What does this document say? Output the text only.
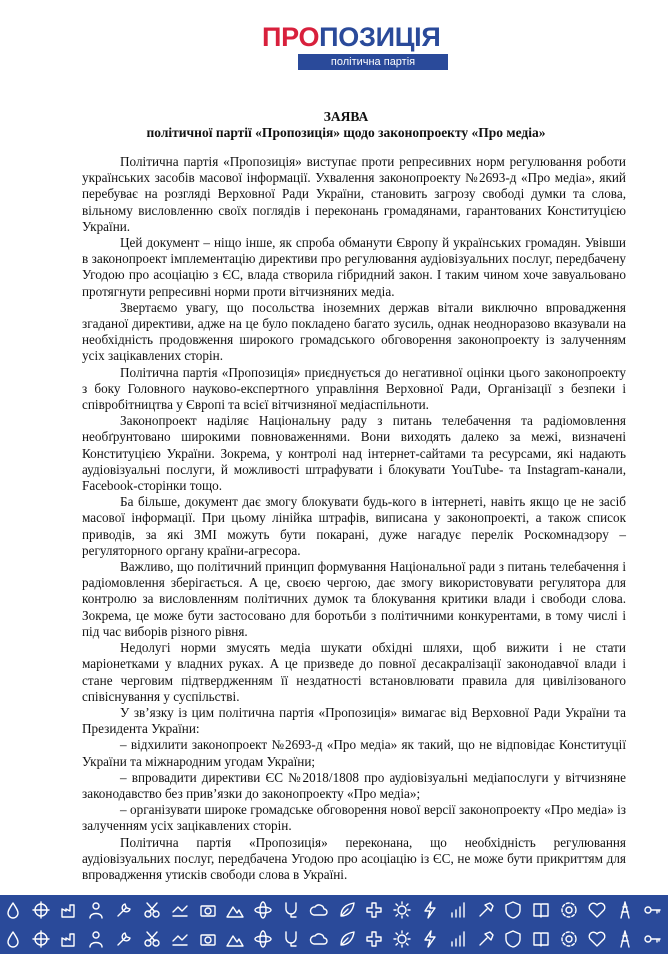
ПРОПОЗИЦІЯ
політична партія
ЗАЯВА
політичної партії «Пропозиція» щодо законопроекту «Про медіа»

Політична партія «Пропозиція» виступає проти репресивних норм регулювання роботи українських засобів масової інформації. Ухвалення законопроекту №2693-д «Про медіа», який перебуває на розгляді Верховної Ради України, становить загрозу свободі думки та слова, вільному висловленню своїх поглядів і переконань громадянами, гарантованих Конституцією України.

Цей документ – ніщо інше, як спроба обманути Європу й українських громадян. Увівши в законопроект імплементацію директиви про регулювання аудіовізуальних послуг, передбачену Угодою про асоціацію з ЄС, влада створила гібридний закон. І таким чином хоче завуальовано протягнути репресивні норми проти вітчизняних медіа.

Звертаємо увагу, що посольства іноземних держав вітали виключно впровадження згаданої директиви, адже на це було покладено багато зусиль, однак неодноразово вказували на необхідність продовження широкого громадського обговорення законопроекту із залученням усіх зацікавлених сторін.

Політична партія «Пропозиція» приєднується до негативної оцінки цього законопроекту з боку Головного науково-експертного управління Верховної Ради, Організації з безпеки і співробітництва у Європі та всієї вітчизняної медіаспільноти.

Законопроект наділяє Національну раду з питань телебачення та радіомовлення необґрунтовано широкими повноваженнями. Вони виходять далеко за межі, визначені Конституцією України. Зокрема, у контролі над інтернет-сайтами та ресурсами, які надають аудіовізуальні послуги, й можливості штрафувати і блокувати YouTube- та Instagram-канали, Facebook-сторінки тощо.

Ба більше, документ дає змогу блокувати будь-кого в інтернеті, навіть якщо це не засіб масової інформації. При цьому лінійка штрафів, виписана у законопроекті, а також список приводів, за які ЗМІ можуть бути покарані, дуже нагадує перелік Роскомнадзору – регуляторного органу країни-агресора.

Важливо, що політичний принцип формування Національної ради з питань телебачення і радіомовлення зберігається. А це, своєю чергою, дає змогу використовувати регулятора для контролю за висловленням політичних думок та блокування критики влади і свободи слова. Зокрема, це може бути застосовано для боротьби з політичними конкурентами, в тому числі і під час виборів різного рівня.

Недолугі норми змусять медіа шукати обхідні шляхи, щоб вижити і не стати маріонетками у владних руках. А це призведе до повної десакралізації законодавчої влади і стане черговим підтвердженням її нездатності встановлювати правила для цивілізованого співіснування у суспільстві.

У зв’язку із цим політична партія «Пропозиція» вимагає від Верховної Ради України та Президента України:

– відхилити законопроект №2693-д «Про медіа» як такий, що не відповідає Конституції України та міжнародним угодам України;

– впровадити директиви ЄС №2018/1808 про аудіовізуальні медіапослуги у вітчизняне законодавство без прив’язки до законопроекту «Про медіа»;

– організувати широке громадське обговорення нової версії законопроекту «Про медіа» із залученням усіх зацікавлених сторін.

Політична партія «Пропозиція» переконана, що необхідність регулювання аудіовізуальних послуг, передбачена Угодою про асоціацію із ЄС, не може бути прикриттям для впровадження утисків свободи слова в Україні.
